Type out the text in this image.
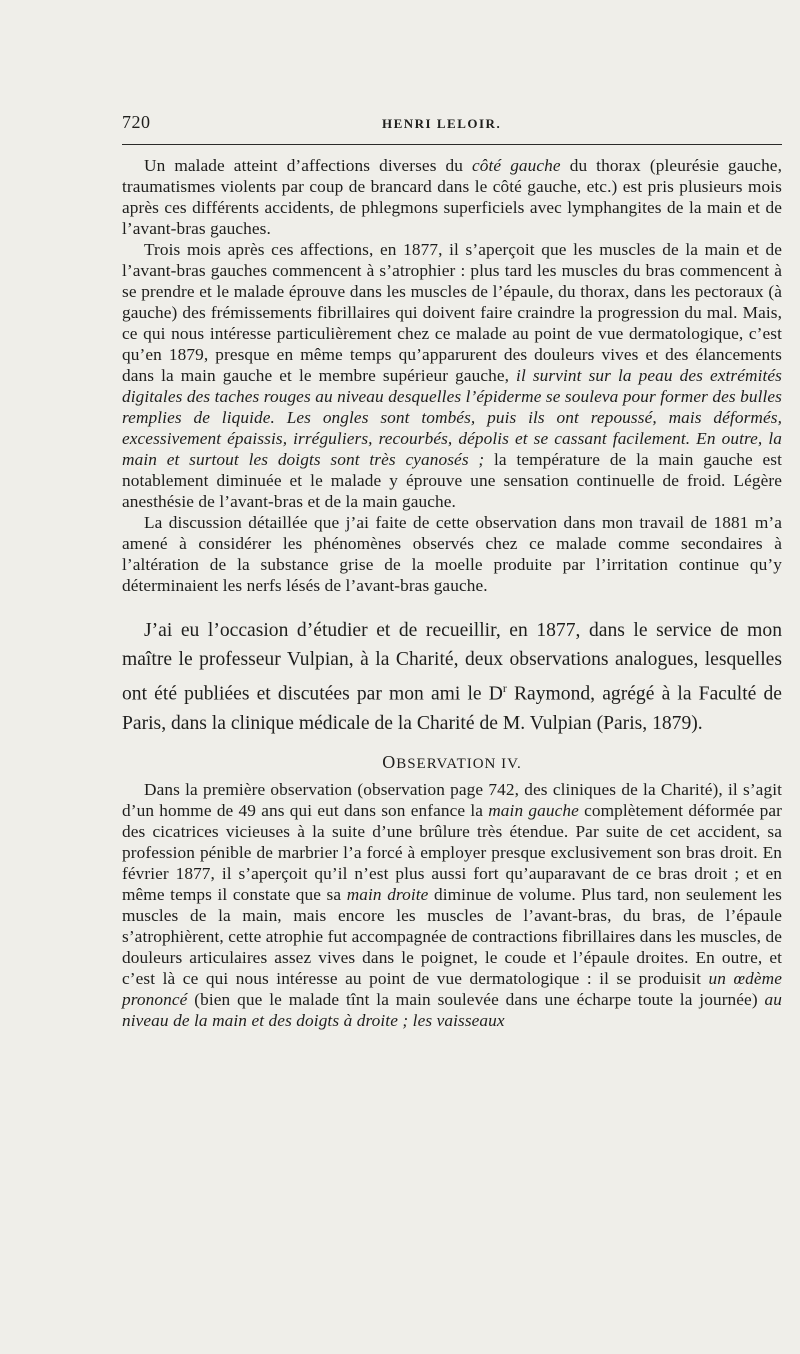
720	HENRI LELOIR.

Un malade atteint d’affections diverses du côté gauche du thorax (pleurésie gauche, traumatismes violents par coup de brancard dans le côté gauche, etc.) est pris plusieurs mois après ces différents accidents, de phlegmons superficiels avec lymphangites de la main et de l’avant-bras gauches.

Trois mois après ces affections, en 1877, il s’aperçoit que les muscles de la main et de l’avant-bras gauches commencent à s’atrophier : plus tard les muscles du bras commencent à se prendre et le malade éprouve dans les muscles de l’épaule, du thorax, dans les pectoraux (à gauche) des frémissements fibrillaires qui doivent faire craindre la progression du mal. Mais, ce qui nous intéresse particulièrement chez ce malade au point de vue dermatologique, c’est qu’en 1879, presque en même temps qu’apparurent des douleurs vives et des élancements dans la main gauche et le membre supérieur gauche, il survint sur la peau des extrémités digitales des taches rouges au niveau desquelles l’épiderme se souleva pour former des bulles remplies de liquide. Les ongles sont tombés, puis ils ont repoussé, mais déformés, excessivement épaissis, irréguliers, recourbés, dépolis et se cassant facilement. En outre, la main et surtout les doigts sont très cyanosés ; la température de la main gauche est notablement diminuée et le malade y éprouve une sensation continuelle de froid. Légère anesthésie de l’avant-bras et de la main gauche.

La discussion détaillée que j’ai faite de cette observation dans mon travail de 1881 m’a amené à considérer les phénomènes observés chez ce malade comme secondaires à l’altération de la substance grise de la moelle produite par l’irritation continue qu’y déterminaient les nerfs lésés de l’avant-bras gauche.

J’ai eu l’occasion d’étudier et de recueillir, en 1877, dans le service de mon maître le professeur Vulpian, à la Charité, deux observations analogues, lesquelles ont été publiées et discutées par mon ami le $D^r$ Raymond, agrégé à la Faculté de Paris, dans la clinique médicale de la Charité de M. Vulpian (Paris, 1879).

OBSERVATION IV.

Dans la première observation (observation page 742, des cliniques de la Charité), il s’agit d’un homme de 49 ans qui eut dans son enfance la main gauche complètement déformée par des cicatrices vicieuses à la suite d’une brûlure très étendue. Par suite de cet accident, sa profession pénible de marbrier l’a forcé à employer presque exclusivement son bras droit. En février 1877, il s’aperçoit qu’il n’est plus aussi fort qu’auparavant de ce bras droit ; et en même temps il constate que sa main droite diminue de volume. Plus tard, non seulement les muscles de la main, mais encore les muscles de l’avant-bras, du bras, de l’épaule s’atrophièrent, cette atrophie fut accompagnée de contractions fibrillaires dans les muscles, de douleurs articulaires assez vives dans le poignet, le coude et l’épaule droites. En outre, et c’est là ce qui nous intéresse au point de vue dermatologique : il se produisit un œdème prononcé (bien que le malade tînt la main soulevée dans une écharpe toute la journée) au niveau de la main et des doigts à droite ; les vaisseaux
